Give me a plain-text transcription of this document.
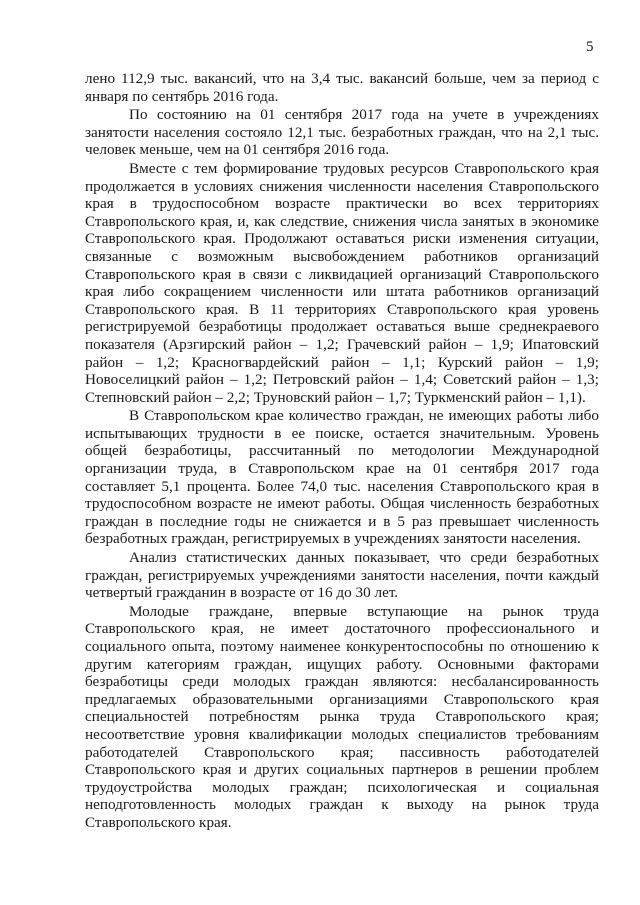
5

лено 112,9 тыс. вакансий, что на 3,4 тыс. вакансий больше, чем за период с января по сентябрь 2016 года.

По состоянию на 01 сентября 2017 года на учете в учреждениях занятости населения состояло 12,1 тыс. безработных граждан, что на 2,1 тыс. человек меньше, чем на 01 сентября 2016 года.

Вместе с тем формирование трудовых ресурсов Ставропольского края продолжается в условиях снижения численности населения Ставропольского края в трудоспособном возрасте практически во всех территориях Ставропольского края, и, как следствие, снижения числа занятых в экономике Ставропольского края. Продолжают оставаться риски изменения ситуации, связанные с возможным высвобождением работников организаций Ставропольского края в связи с ликвидацией организаций Ставропольского края либо сокращением численности или штата работников организаций Ставропольского края. В 11 территориях Ставропольского края уровень регистрируемой безработицы продолжает оставаться выше среднекраевого показателя (Арзгирский район – 1,2; Грачевский район – 1,9; Ипатовский район – 1,2; Красногвардейский район – 1,1; Курский район – 1,9; Новоселицкий район – 1,2; Петровский район – 1,4; Советский район – 1,3; Степновский район – 2,2; Труновский район – 1,7; Туркменский район – 1,1).

В Ставропольском крае количество граждан, не имеющих работы либо испытывающих трудности в ее поиске, остается значительным. Уровень общей безработицы, рассчитанный по методологии Международной организации труда, в Ставропольском крае на 01 сентября 2017 года составляет 5,1 процента. Более 74,0 тыс. населения Ставропольского края в трудоспособном возрасте не имеют работы. Общая численность безработных граждан в последние годы не снижается и в 5 раз превышает численность безработных граждан, регистрируемых в учреждениях занятости населения.

Анализ статистических данных показывает, что среди безработных граждан, регистрируемых учреждениями занятости населения, почти каждый четвертый гражданин в возрасте от 16 до 30 лет.

Молодые граждане, впервые вступающие на рынок труда Ставропольского края, не имеет достаточного профессионального и социального опыта, поэтому наименее конкурентоспособны по отношению к другим категориям граждан, ищущих работу. Основными факторами безработицы среди молодых граждан являются: несбалансированность предлагаемых образовательными организациями Ставропольского края специальностей потребностям рынка труда Ставропольского края; несоответствие уровня квалификации молодых специалистов требованиям работодателей Ставропольского края; пассивность работодателей Ставропольского края и других социальных партнеров в решении проблем трудоустройства молодых граждан; психологическая и социальная неподготовленность молодых граждан к выходу на рынок труда Ставропольского края.
